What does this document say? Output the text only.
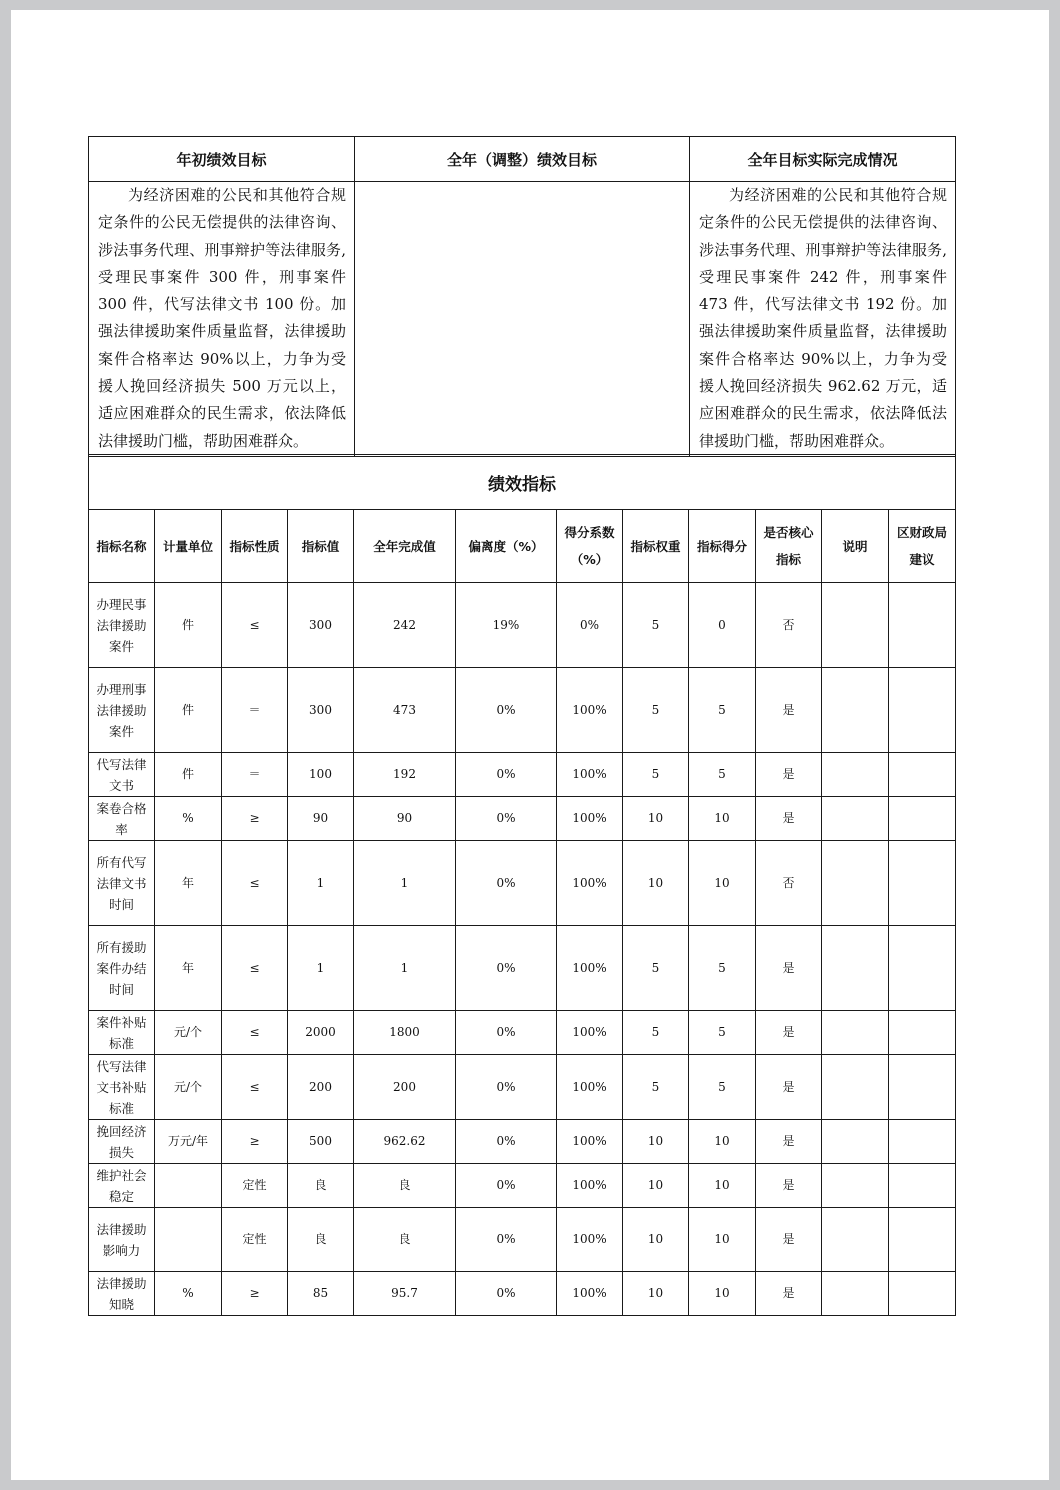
年初绩效目标	全年（调整）绩效目标	全年目标实际完成情况
为经济困难的公民和其他符合规定条件的公民无偿提供的法律咨询、涉法事务代理、刑事辩护等法律服务,受理民事案件 300 件，刑事案件 300 件，代写法律文书 100 份。加强法律援助案件质量监督，法律援助案件合格率达 90%以上，力争为受援人挽回经济损失 500 万元以上，适应困难群众的民生需求，依法降低法律援助门槛，帮助困难群众。		为经济困难的公民和其他符合规定条件的公民无偿提供的法律咨询、涉法事务代理、刑事辩护等法律服务,受理民事案件 242 件，刑事案件 473 件，代写法律文书 192 份。加强法律援助案件质量监督，法律援助案件合格率达 90%以上，力争为受援人挽回经济损失 962.62 万元，适应困难群众的民生需求，依法降低法律援助门槛，帮助困难群众。
绩效指标											
指标名称	计量单位	指标性质	指标值	全年完成值	偏离度（%）	得分系数（%）	指标权重	指标得分	是否核心指标	说明	区财政局建议
办理民事法律援助案件	件	≤	300	242	19%	0%	5	0	否		
办理刑事法律援助案件	件	＝	300	473	0%	100%	5	5	是		
代写法律文书	件	＝	100	192	0%	100%	5	5	是		
案卷合格率	%	≥	90	90	0%	100%	10	10	是		
所有代写法律文书时间	年	≤	1	1	0%	100%	10	10	否		
所有援助案件办结时间	年	≤	1	1	0%	100%	5	5	是		
案件补贴标准	元/个	≤	2000	1800	0%	100%	5	5	是		
代写法律文书补贴标准	元/个	≤	200	200	0%	100%	5	5	是		
挽回经济损失	万元/年	≥	500	962.62	0%	100%	10	10	是		
维护社会稳定		定性	良	良	0%	100%	10	10	是		
法律援助影响力		定性	良	良	0%	100%	10	10	是		
法律援助知晓	%	≥	85	95.7	0%	100%	10	10	是		
